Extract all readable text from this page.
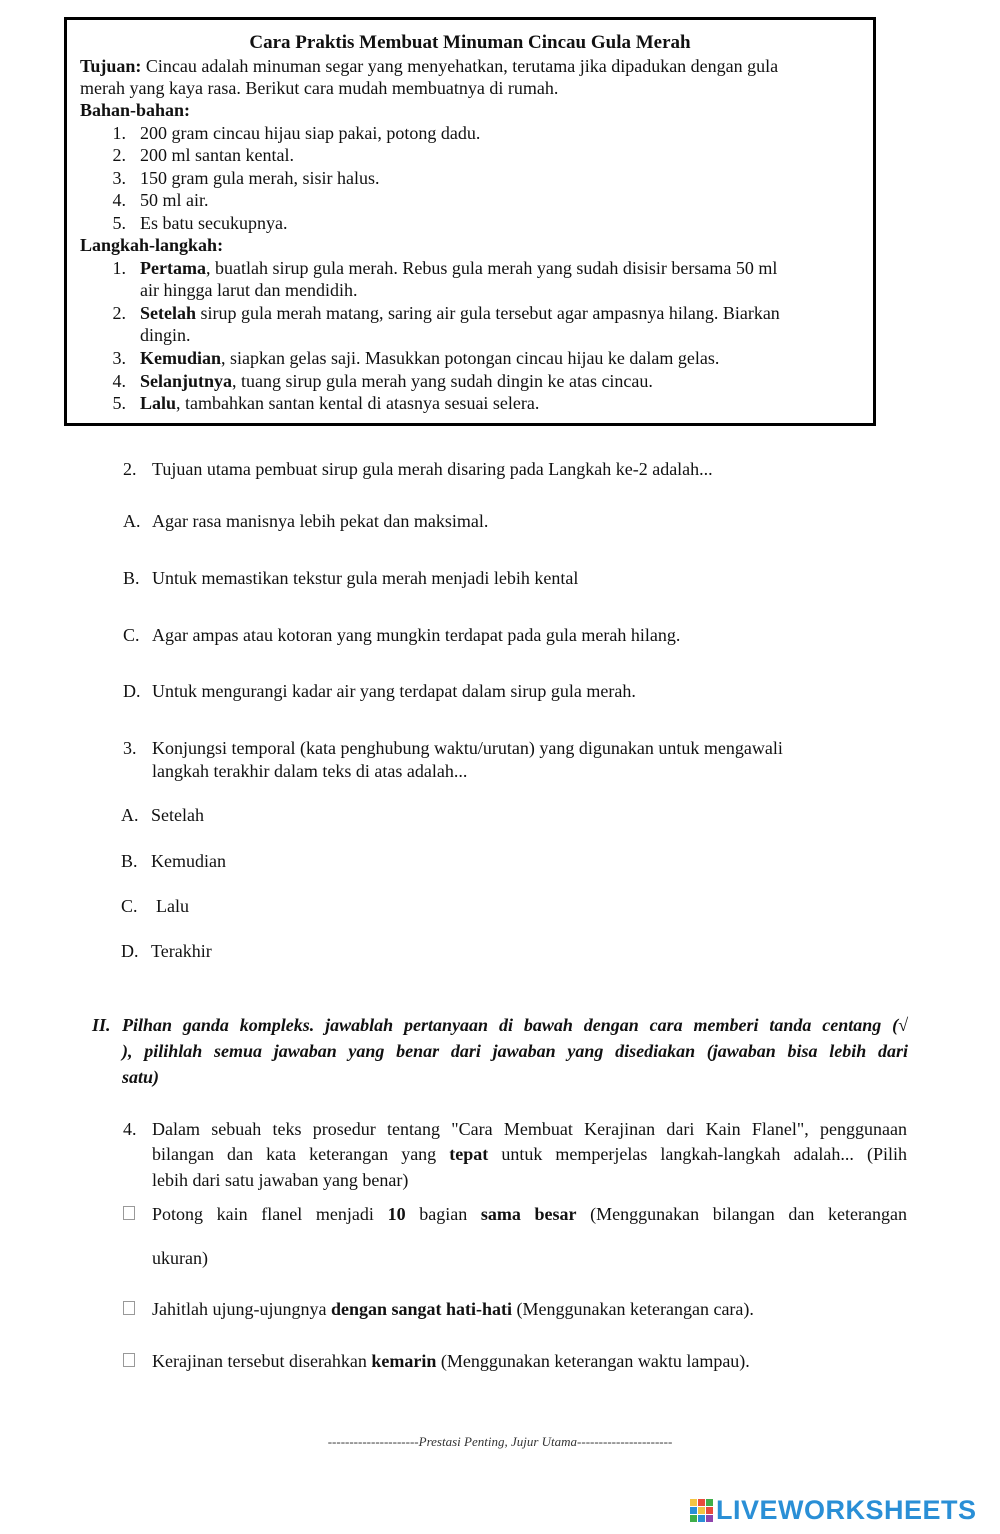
Cara Praktis Membuat Minuman Cincau Gula Merah
Tujuan: Cincau adalah minuman segar yang menyehatkan, terutama jika dipadukan dengan gula
merah yang kaya rasa. Berikut cara mudah membuatnya di rumah.
Bahan-bahan:
1. 200 gram cincau hijau siap pakai, potong dadu.
2. 200 ml santan kental.
3. 150 gram gula merah, sisir halus.
4. 50 ml air.
5. Es batu secukupnya.
Langkah-langkah:
1. Pertama, buatlah sirup gula merah. Rebus gula merah yang sudah disisir bersama 50 ml
air hingga larut dan mendidih.
2. Setelah sirup gula merah matang, saring air gula tersebut agar ampasnya hilang. Biarkan
dingin.
3. Kemudian, siapkan gelas saji. Masukkan potongan cincau hijau ke dalam gelas.
4. Selanjutnya, tuang sirup gula merah yang sudah dingin ke atas cincau.
5. Lalu, tambahkan santan kental di atasnya sesuai selera.
2. Tujuan utama pembuat sirup gula merah disaring pada Langkah ke-2 adalah...
A. Agar rasa manisnya lebih pekat dan maksimal.
B. Untuk memastikan tekstur gula merah menjadi lebih kental
C. Agar ampas atau kotoran yang mungkin terdapat pada gula merah hilang.
D. Untuk mengurangi kadar air yang terdapat dalam sirup gula merah.
3. Konjungsi temporal (kata penghubung waktu/urutan) yang digunakan untuk mengawali
langkah terakhir dalam teks di atas adalah...
A. Setelah
B. Kemudian
C. Lalu
D. Terakhir
II. Pilhan ganda kompleks. jawablah pertanyaan di bawah dengan cara memberi tanda centang (√
), pilihlah semua jawaban yang benar dari jawaban yang disediakan (jawaban bisa lebih dari
satu)
4. Dalam sebuah teks prosedur tentang "Cara Membuat Kerajinan dari Kain Flanel", penggunaan
bilangan dan kata keterangan yang tepat untuk memperjelas langkah-langkah adalah... (Pilih
lebih dari satu jawaban yang benar)
Potong kain flanel menjadi 10 bagian sama besar (Menggunakan bilangan dan keterangan
ukuran)
Jahitlah ujung-ujungnya dengan sangat hati-hati (Menggunakan keterangan cara).
Kerajinan tersebut diserahkan kemarin (Menggunakan keterangan waktu lampau).
---------------------Prestasi Penting, Jujur Utama----------------------
LIVEWORKSHEETS
